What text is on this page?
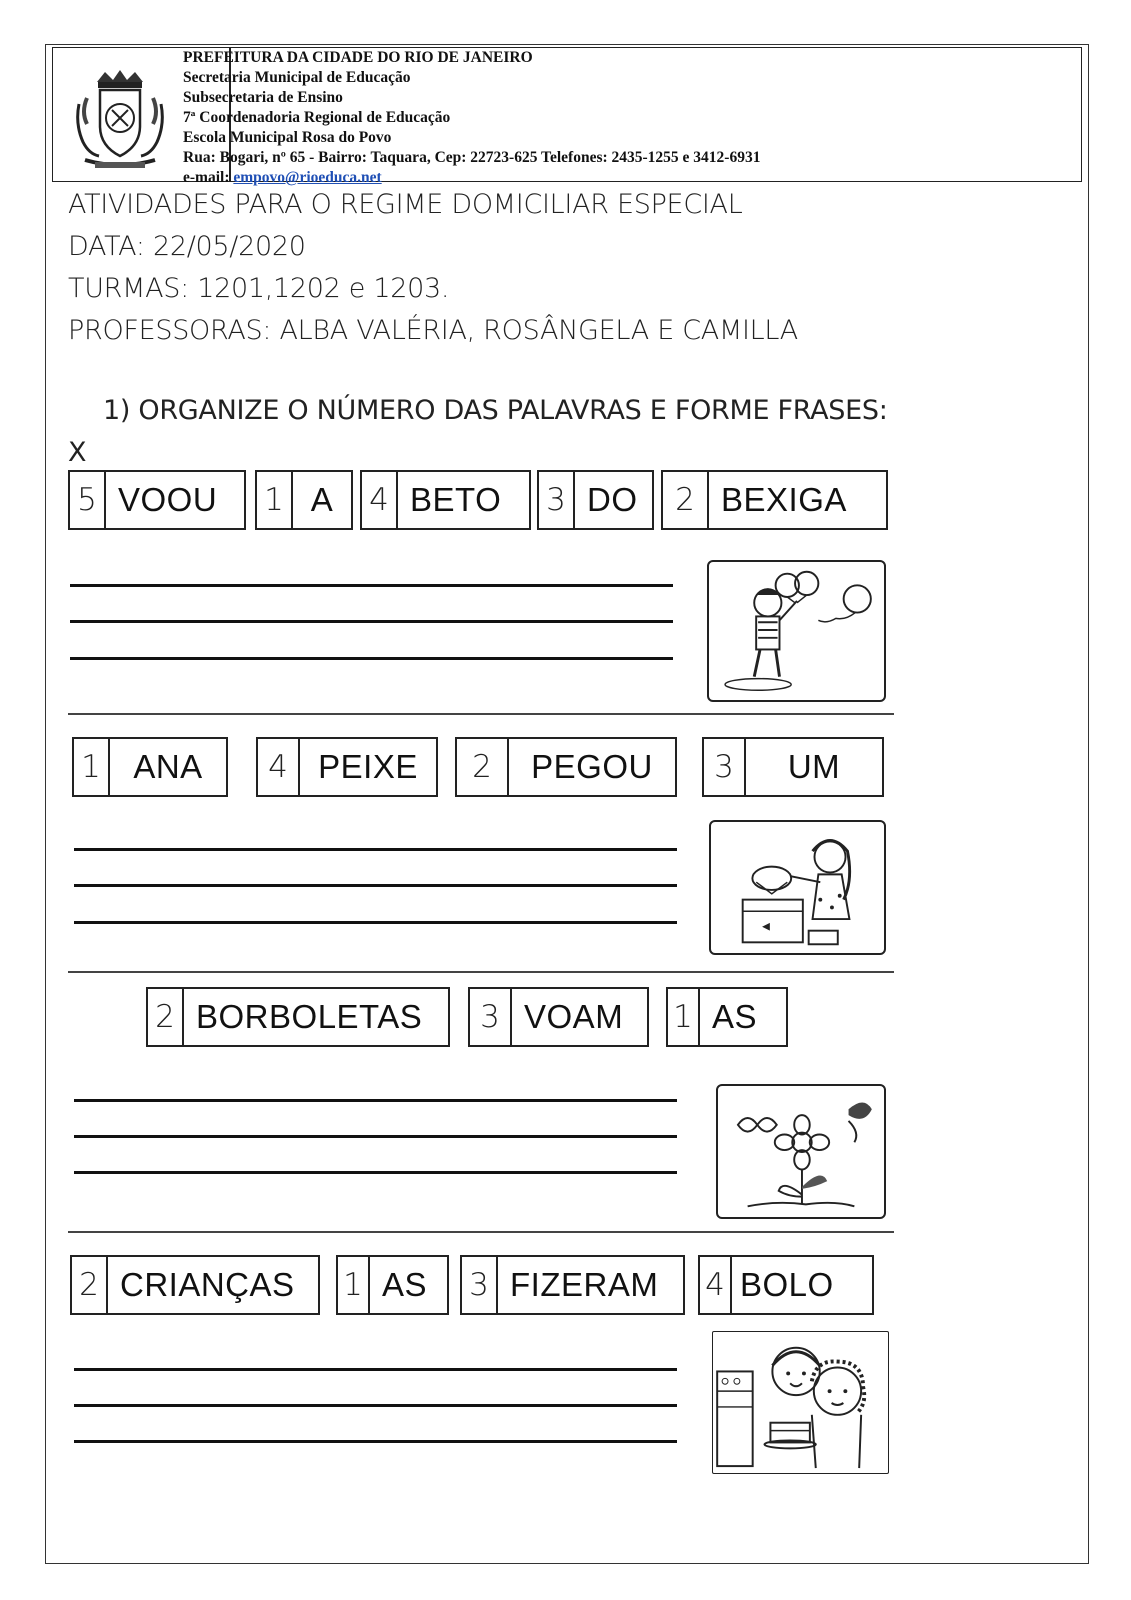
PREFEITURA DA CIDADE DO RIO DE JANEIRO
Secretaria Municipal de Educação
Subsecretaria de Ensino
7ª Coordenadoria Regional de Educação
Escola Municipal Rosa do Povo
Rua: Bogari, nº 65 - Bairro: Taquara, Cep: 22723-625 Telefones: 2435-1255 e 3412-6931
e-mail: empovo@rioeduca.net
ATIVIDADES PARA O REGIME DOMICILIAR ESPECIAL
DATA: 22/05/2020
TURMAS: 1201,1202 e 1203.
PROFESSORAS: ALBA VALÉRIA, ROSÂNGELA E CAMILLA
1) ORGANIZE O NÚMERO DAS PALAVRAS E FORME FRASES:
X
5 VOOU	1 A	4 BETO	3 DO	2 BEXIGA
1 ANA	4 PEIXE	2	PEGOU	3	UM
2 BORBOLETAS	3 VOAM	1 AS
2 CRIANÇAS	1 AS	3 FIZERAM	4 BOLO
